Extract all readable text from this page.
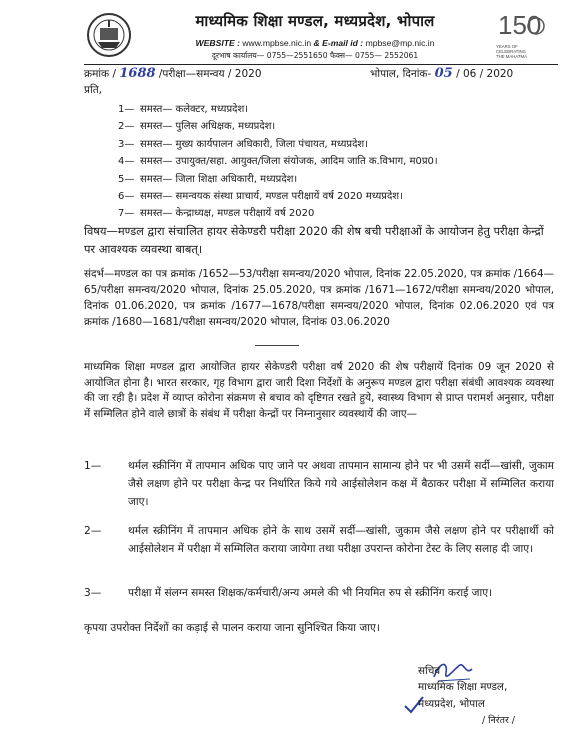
माध्यमिक शिक्षा मण्डल, मध्यप्रदेश, भोपाल
WEBSITE : www.mpbse.nic.in & E-mail id : mpbse@mp.nic.in
दूरभाष कार्यालय— 0755—2551650 फैक्स— 0755— 2552061
150
YEARS OF CELEBRATING THE MAHATMA
क्रमांक / 1688 /परीक्षा—समन्वय / 2020	भोपाल, दिनांक- 05 / 06 / 2020
प्रति,
1— समस्त— कलेक्टर, मध्यप्रदेश।
2— समस्त— पुलिस अधिक्षक, मध्यप्रदेश।
3— समस्त— मुख्य कार्यपालन अधिकारी, जिला पंचायत, मध्यप्रदेश।
4— समस्त— उपायुक्त/सहा. आयुक्त/जिला संयोजक, आदिम जाति क.विभाग, म0प्र0।
5— समस्त— जिला शिक्षा अधिकारी, मध्यप्रदेश।
6— समस्त— समन्वयक संस्था प्राचार्य, मण्डल परीक्षायें वर्ष 2020 मध्यप्रदेश।
7— समस्त— केन्द्राध्यक्ष, मण्डल परीक्षायें वर्ष 2020
विषय—मण्डल द्वारा संचालित हायर सेकेण्डरी परीक्षा 2020 की शेष बची परीक्षाओं के आयोजन हेतु परीक्षा केन्द्रों पर आवश्यक व्यवस्था बाबत्।
संदर्भ—मण्डल का पत्र क्रमांक /1652—53/परीक्षा समन्वय/2020 भोपाल, दिनांक 22.05.2020, पत्र क्रमांक /1664—65/परीक्षा समन्वय/2020 भोपाल, दिनांक 25.05.2020, पत्र क्रमांक /1671—1672/परीक्षा समन्वय/2020 भोपाल, दिनांक 01.06.2020, पत्र क्रमांक /1677—1678/परीक्षा समन्वय/2020 भोपाल, दिनांक 02.06.2020 एवं पत्र क्रमांक /1680—1681/परीक्षा समन्वय/2020 भोपाल, दिनांक 03.06.2020
माध्यमिक शिक्षा मण्डल द्वारा आयोजित हायर सेकेण्डरी परीक्षा वर्ष 2020 की शेष परीक्षायें दिनांक 09 जून 2020 से आयोजित होना है। भारत सरकार, गृह विभाग द्वारा जारी दिशा निर्देशों के अनुरूप मण्डल द्वारा परीक्षा संबंधी आवश्यक व्यवस्था की जा रही है। प्रदेश में व्याप्त कोरोना संक्रमण से बचाव को दृष्टिगत रखते हुये, स्वास्थ्य विभाग से प्राप्त परामर्श अनुसार, परीक्षा में सम्मिलित होने वाले छात्रों के संबंध में परीक्षा केन्द्रों पर निम्नानुसार व्यवस्थायें की जाए—
1—	थर्मल स्क्रीनिंग में तापमान अधिक पाए जाने पर अथवा तापमान सामान्य होने पर भी उसमें सर्दी—खांसी, जुकाम जैसे लक्षण होने पर परीक्षा केन्द्र पर निर्धारित किये गये आईसोलेशन कक्ष में बैठाकर परीक्षा में सम्मिलित कराया जाए।
2—	थर्मल स्क्रीनिंग में तापमान अधिक होने के साथ उसमें सर्दी—खांसी, जुकाम जैसे लक्षण होने पर परीक्षार्थी को आईसोलेशन में परीक्षा में सम्मिलित कराया जायेगा तथा परीक्षा उपरान्त कोरोना टेस्ट के लिए सलाह दी जाए।
3—	परीक्षा में संलग्न समस्त शिक्षक/कर्मचारी/अन्य अमले की भी नियमित रुप से स्क्रीनिंग कराई जाए।
कृपया उपरोक्त निर्देशों का कड़ाई से पालन कराया जाना सुनिश्चित किया जाए।
सचिव
माध्यमिक शिक्षा मण्डल,
मध्यप्रदेश, भोपाल
/ निरंतर /
